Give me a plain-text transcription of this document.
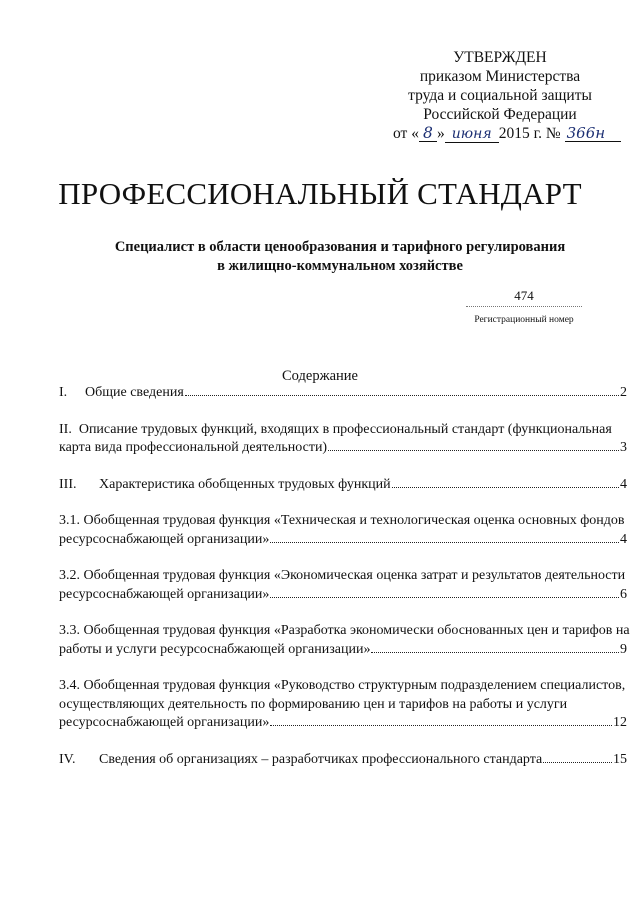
УТВЕРЖДЕН
приказом Министерства
труда и социальной защиты
Российской Федерации
от « 8 » июня 2015 г. № 366н
ПРОФЕССИОНАЛЬНЫЙ СТАНДАРТ
Специалист в области ценообразования и тарифного регулирования
в жилищно-коммунальном хозяйстве
474
Регистрационный номер
Содержание
I. Общие сведения	2
II. Описание трудовых функций, входящих в профессиональный стандарт (функциональная
карта вида профессиональной деятельности)	3
III. Характеристика обобщенных трудовых функций	4
3.1. Обобщенная трудовая функция «Техническая и технологическая оценка основных фондов
ресурсоснабжающей организации»	4
3.2. Обобщенная трудовая функция «Экономическая оценка затрат и результатов деятельности
ресурсоснабжающей организации»	6
3.3. Обобщенная трудовая функция «Разработка экономически обоснованных цен и тарифов на
работы и услуги ресурсоснабжающей организации»	9
3.4. Обобщенная трудовая функция «Руководство структурным подразделением специалистов,
осуществляющих деятельность по формированию цен и тарифов на работы и услуги
ресурсоснабжающей организации»	12
IV. Сведения об организациях – разработчиках профессионального стандарта	15
